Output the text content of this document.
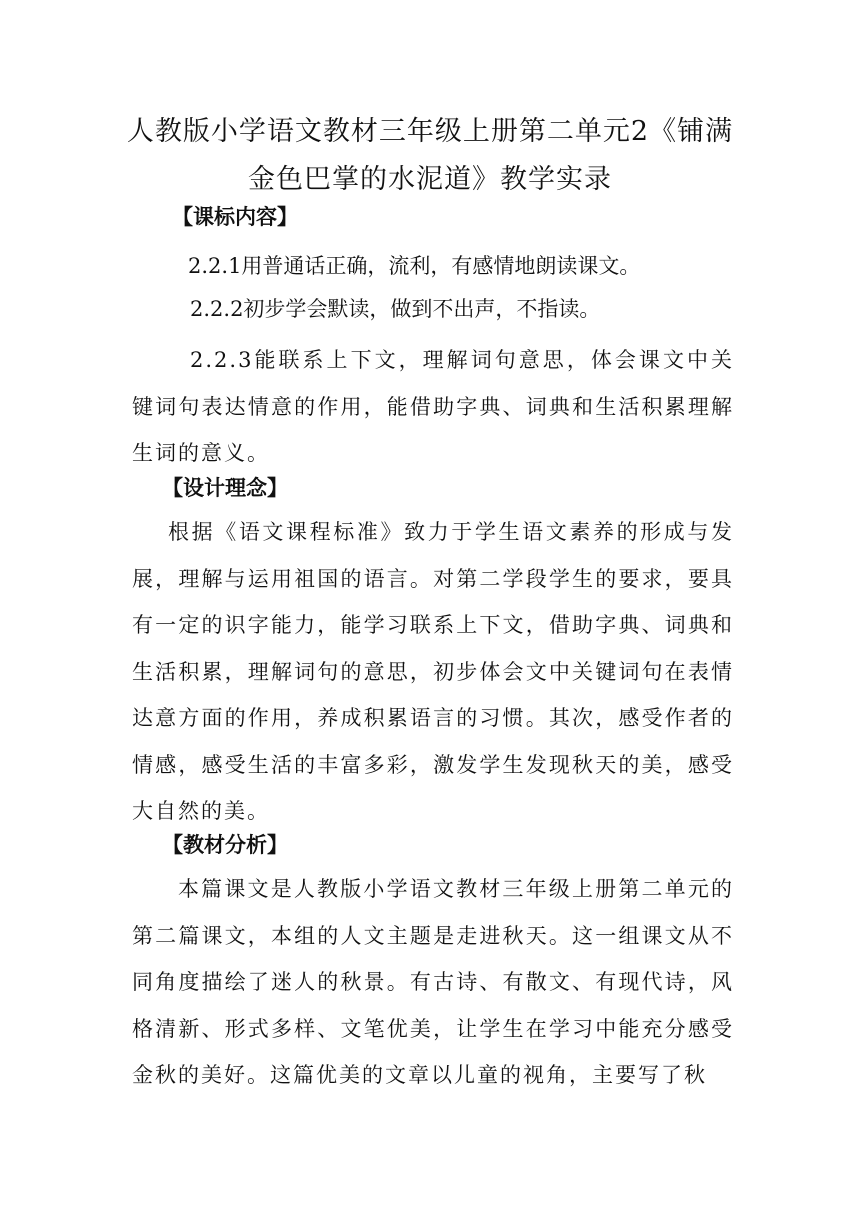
人教版小学语文教材三年级上册第二单元2《铺满金色巴掌的水泥道》教学实录
【课标内容】
2.2.1用普通话正确，流利，有感情地朗读课文。
2.2.2初步学会默读，做到不出声，不指读。
2.2.3能联系上下文，理解词句意思，体会课文中关键词句表达情意的作用，能借助字典、词典和生活积累理解生词的意义。
【设计理念】
根据《语文课程标准》致力于学生语文素养的形成与发展，理解与运用祖国的语言。对第二学段学生的要求，要具有一定的识字能力，能学习联系上下文，借助字典、词典和生活积累，理解词句的意思，初步体会文中关键词句在表情达意方面的作用，养成积累语言的习惯。其次，感受作者的情感，感受生活的丰富多彩，激发学生发现秋天的美，感受大自然的美。
【教材分析】
本篇课文是人教版小学语文教材三年级上册第二单元的第二篇课文，本组的人文主题是走进秋天。这一组课文从不同角度描绘了迷人的秋景。有古诗、有散文、有现代诗，风格清新、形式多样、文笔优美，让学生在学习中能充分感受金秋的美好。这篇优美的文章以儿童的视角，主要写了秋
